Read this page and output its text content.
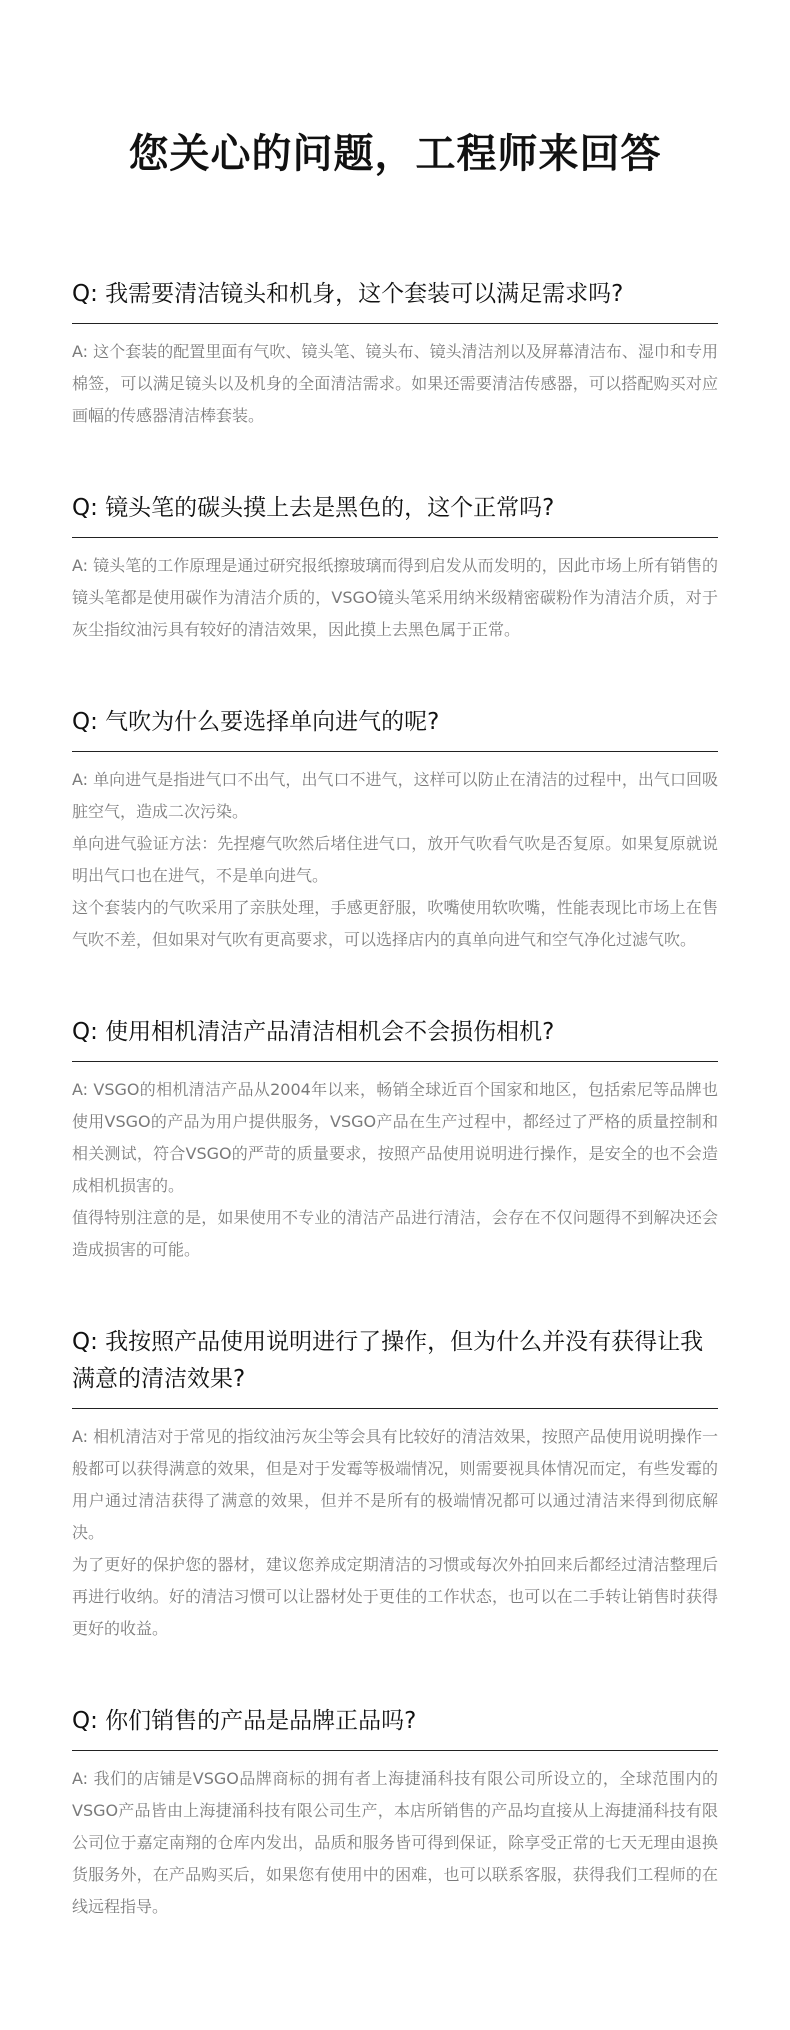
您关心的问题，工程师来回答
Q: 我需要清洁镜头和机身，这个套装可以满足需求吗?

A: 这个套装的配置里面有气吹、镜头笔、镜头布、镜头清洁剂以及屏幕清洁布、湿巾和专用棉签，可以满足镜头以及机身的全面清洁需求。如果还需要清洁传感器，可以搭配购买对应画幅的传感器清洁棒套装。

Q: 镜头笔的碳头摸上去是黑色的，这个正常吗?

A: 镜头笔的工作原理是通过研究报纸擦玻璃而得到启发从而发明的，因此市场上所有销售的镜头笔都是使用碳作为清洁介质的，VSGO镜头笔采用纳米级精密碳粉作为清洁介质，对于灰尘指纹油污具有较好的清洁效果，因此摸上去黑色属于正常。

Q: 气吹为什么要选择单向进气的呢?

A: 单向进气是指进气口不出气，出气口不进气，这样可以防止在清洁的过程中，出气口回吸脏空气，造成二次污染。

单向进气验证方法：先捏瘪气吹然后堵住进气口，放开气吹看气吹是否复原。如果复原就说明出气口也在进气，不是单向进气。

这个套装内的气吹采用了亲肤处理，手感更舒服，吹嘴使用软吹嘴，性能表现比市场上在售气吹不差，但如果对气吹有更高要求，可以选择店内的真单向进气和空气净化过滤气吹。

Q: 使用相机清洁产品清洁相机会不会损伤相机?

A: VSGO的相机清洁产品从2004年以来，畅销全球近百个国家和地区，包括索尼等品牌也使用VSGO的产品为用户提供服务，VSGO产品在生产过程中，都经过了严格的质量控制和相关测试，符合VSGO的严苛的质量要求，按照产品使用说明进行操作，是安全的也不会造成相机损害的。

值得特别注意的是，如果使用不专业的清洁产品进行清洁，会存在不仅问题得不到解决还会造成损害的可能。

Q: 我按照产品使用说明进行了操作，但为什么并没有获得让我满意的清洁效果?

A: 相机清洁对于常见的指纹油污灰尘等会具有比较好的清洁效果，按照产品使用说明操作一般都可以获得满意的效果，但是对于发霉等极端情况，则需要视具体情况而定，有些发霉的用户通过清洁获得了满意的效果，但并不是所有的极端情况都可以通过清洁来得到彻底解决。

为了更好的保护您的器材，建议您养成定期清洁的习惯或每次外拍回来后都经过清洁整理后再进行收纳。好的清洁习惯可以让器材处于更佳的工作状态，也可以在二手转让销售时获得更好的收益。

Q: 你们销售的产品是品牌正品吗?

A: 我们的店铺是VSGO品牌商标的拥有者上海捷涌科技有限公司所设立的，全球范围内的VSGO产品皆由上海捷涌科技有限公司生产，本店所销售的产品均直接从上海捷涌科技有限公司位于嘉定南翔的仓库内发出，品质和服务皆可得到保证，除享受正常的七天无理由退换货服务外，在产品购买后，如果您有使用中的困难，也可以联系客服，获得我们工程师的在线远程指导。
